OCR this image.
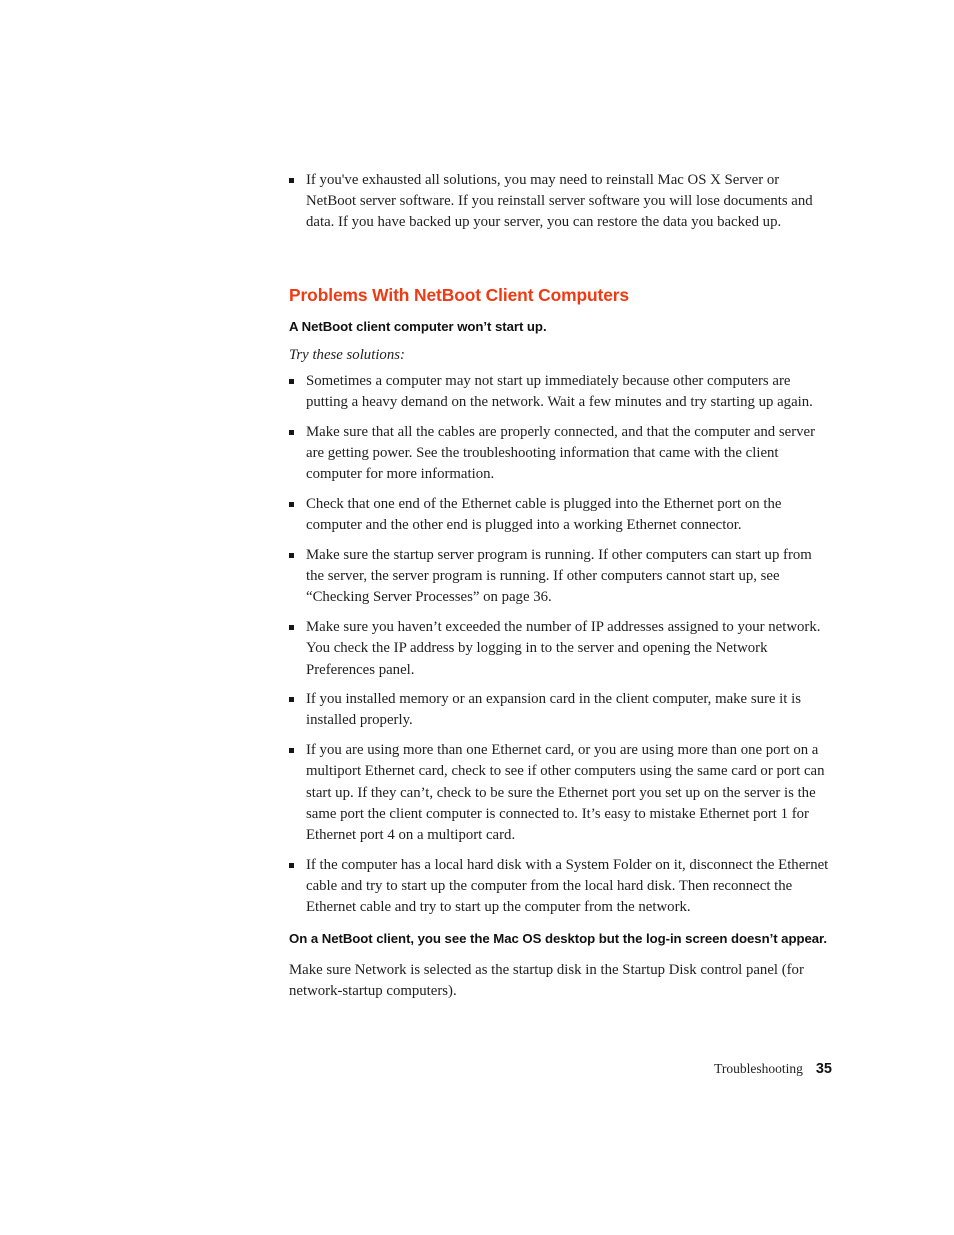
If you've exhausted all solutions, you may need to reinstall Mac OS X Server or NetBoot server software. If you reinstall server software you will lose documents and data. If you have backed up your server, you can restore the data you backed up.
Problems With NetBoot Client Computers
A NetBoot client computer won’t start up.

Try these solutions:

Sometimes a computer may not start up immediately because other computers are putting a heavy demand on the network. Wait a few minutes and try starting up again.
Make sure that all the cables are properly connected, and that the computer and server are getting power. See the troubleshooting information that came with the client computer for more information.
Check that one end of the Ethernet cable is plugged into the Ethernet port on the computer and the other end is plugged into a working Ethernet connector.
Make sure the startup server program is running. If other computers can start up from the server, the server program is running. If other computers cannot start up, see “Checking Server Processes” on page 36.
Make sure you haven’t exceeded the number of IP addresses assigned to your network. You check the IP address by logging in to the server and opening the Network Preferences panel.
If you installed memory or an expansion card in the client computer, make sure it is installed properly.
If you are using more than one Ethernet card, or you are using more than one port on a multiport Ethernet card, check to see if other computers using the same card or port can start up. If they can’t, check to be sure the Ethernet port you set up on the server is the same port the client computer is connected to. It’s easy to mistake Ethernet port 1 for Ethernet port 4 on a multiport card.
If the computer has a local hard disk with a System Folder on it, disconnect the Ethernet cable and try to start up the computer from the local hard disk. Then reconnect the Ethernet cable and try to start up the computer from the network.
On a NetBoot client, you see the Mac OS desktop but the log-in screen doesn’t appear.

Make sure Network is selected as the startup disk in the Startup Disk control panel (for network-startup computers).

Troubleshooting 35
